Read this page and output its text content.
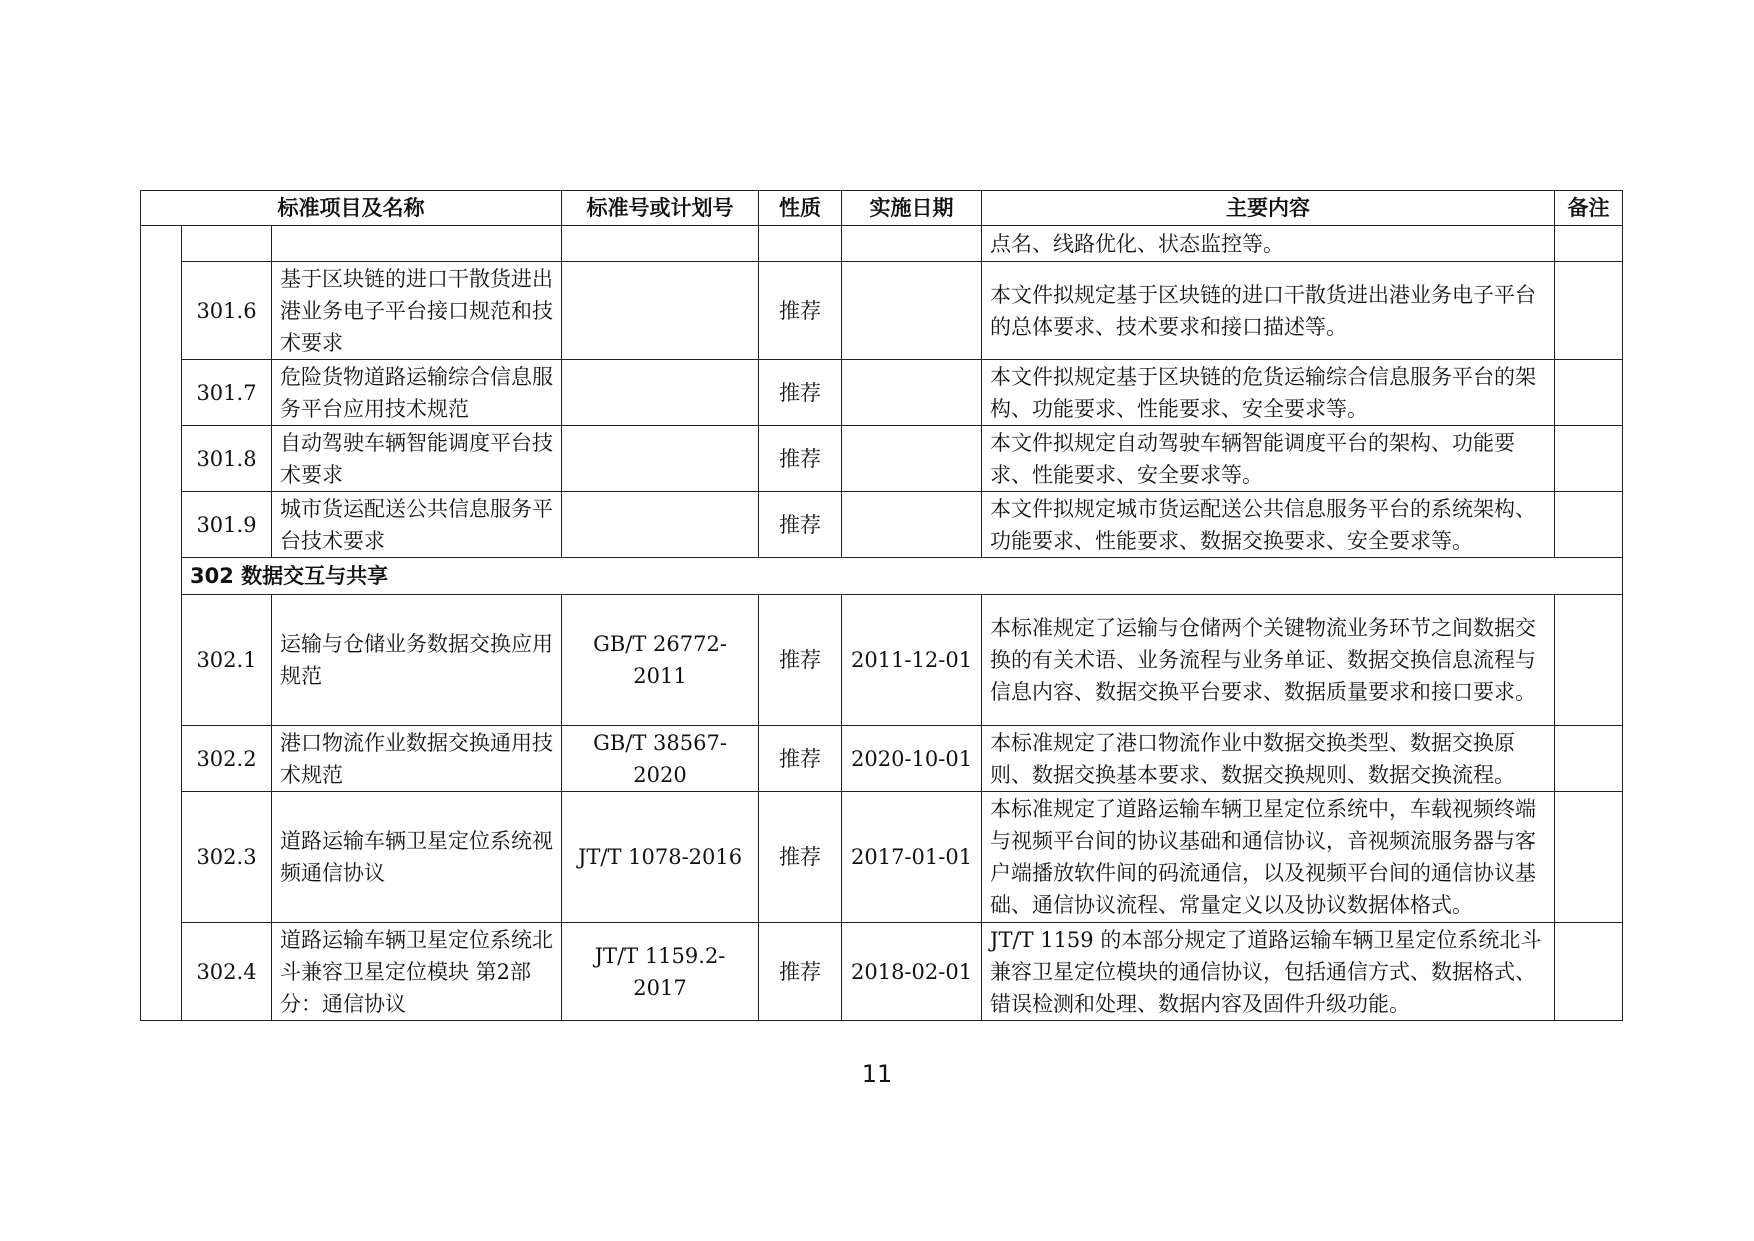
标准项目及名称			标准号或计划号	性质	实施日期	主要内容	备注
						点名、线路优化、状态监控等。	
	301.6	基于区块链的进口干散货进出港业务电子平台接口规范和技术要求		推荐		本文件拟规定基于区块链的进口干散货进出港业务电子平台的总体要求、技术要求和接口描述等。	
	301.7	危险货物道路运输综合信息服务平台应用技术规范		推荐		本文件拟规定基于区块链的危货运输综合信息服务平台的架构、功能要求、性能要求、安全要求等。	
	301.8	自动驾驶车辆智能调度平台技术要求		推荐		本文件拟规定自动驾驶车辆智能调度平台的架构、功能要求、性能要求、安全要求等。	
	301.9	城市货运配送公共信息服务平台技术要求		推荐		本文件拟规定城市货运配送公共信息服务平台的系统架构、功能要求、性能要求、数据交换要求、安全要求等。	
	302 数据交互与共享						
	302.1	运输与仓储业务数据交换应用规范	GB/T 26772-2011	推荐	2011-12-01	本标准规定了运输与仓储两个关键物流业务环节之间数据交换的有关术语、业务流程与业务单证、数据交换信息流程与信息内容、数据交换平台要求、数据质量要求和接口要求。	
	302.2	港口物流作业数据交换通用技术规范	GB/T 38567-2020	推荐	2020-10-01	本标准规定了港口物流作业中数据交换类型、数据交换原则、数据交换基本要求、数据交换规则、数据交换流程。	
	302.3	道路运输车辆卫星定位系统视频通信协议	JT/T 1078-2016	推荐	2017-01-01	本标准规定了道路运输车辆卫星定位系统中，车载视频终端与视频平台间的协议基础和通信协议，音视频流服务器与客户端播放软件间的码流通信，以及视频平台间的通信协议基础、通信协议流程、常量定义以及协议数据体格式。	
	302.4	道路运输车辆卫星定位系统北斗兼容卫星定位模块 第2部分：通信协议	JT/T 1159.2-2017	推荐	2018-02-01	JT/T 1159 的本部分规定了道路运输车辆卫星定位系统北斗兼容卫星定位模块的通信协议，包括通信方式、数据格式、错误检测和处理、数据内容及固件升级功能。	
11
